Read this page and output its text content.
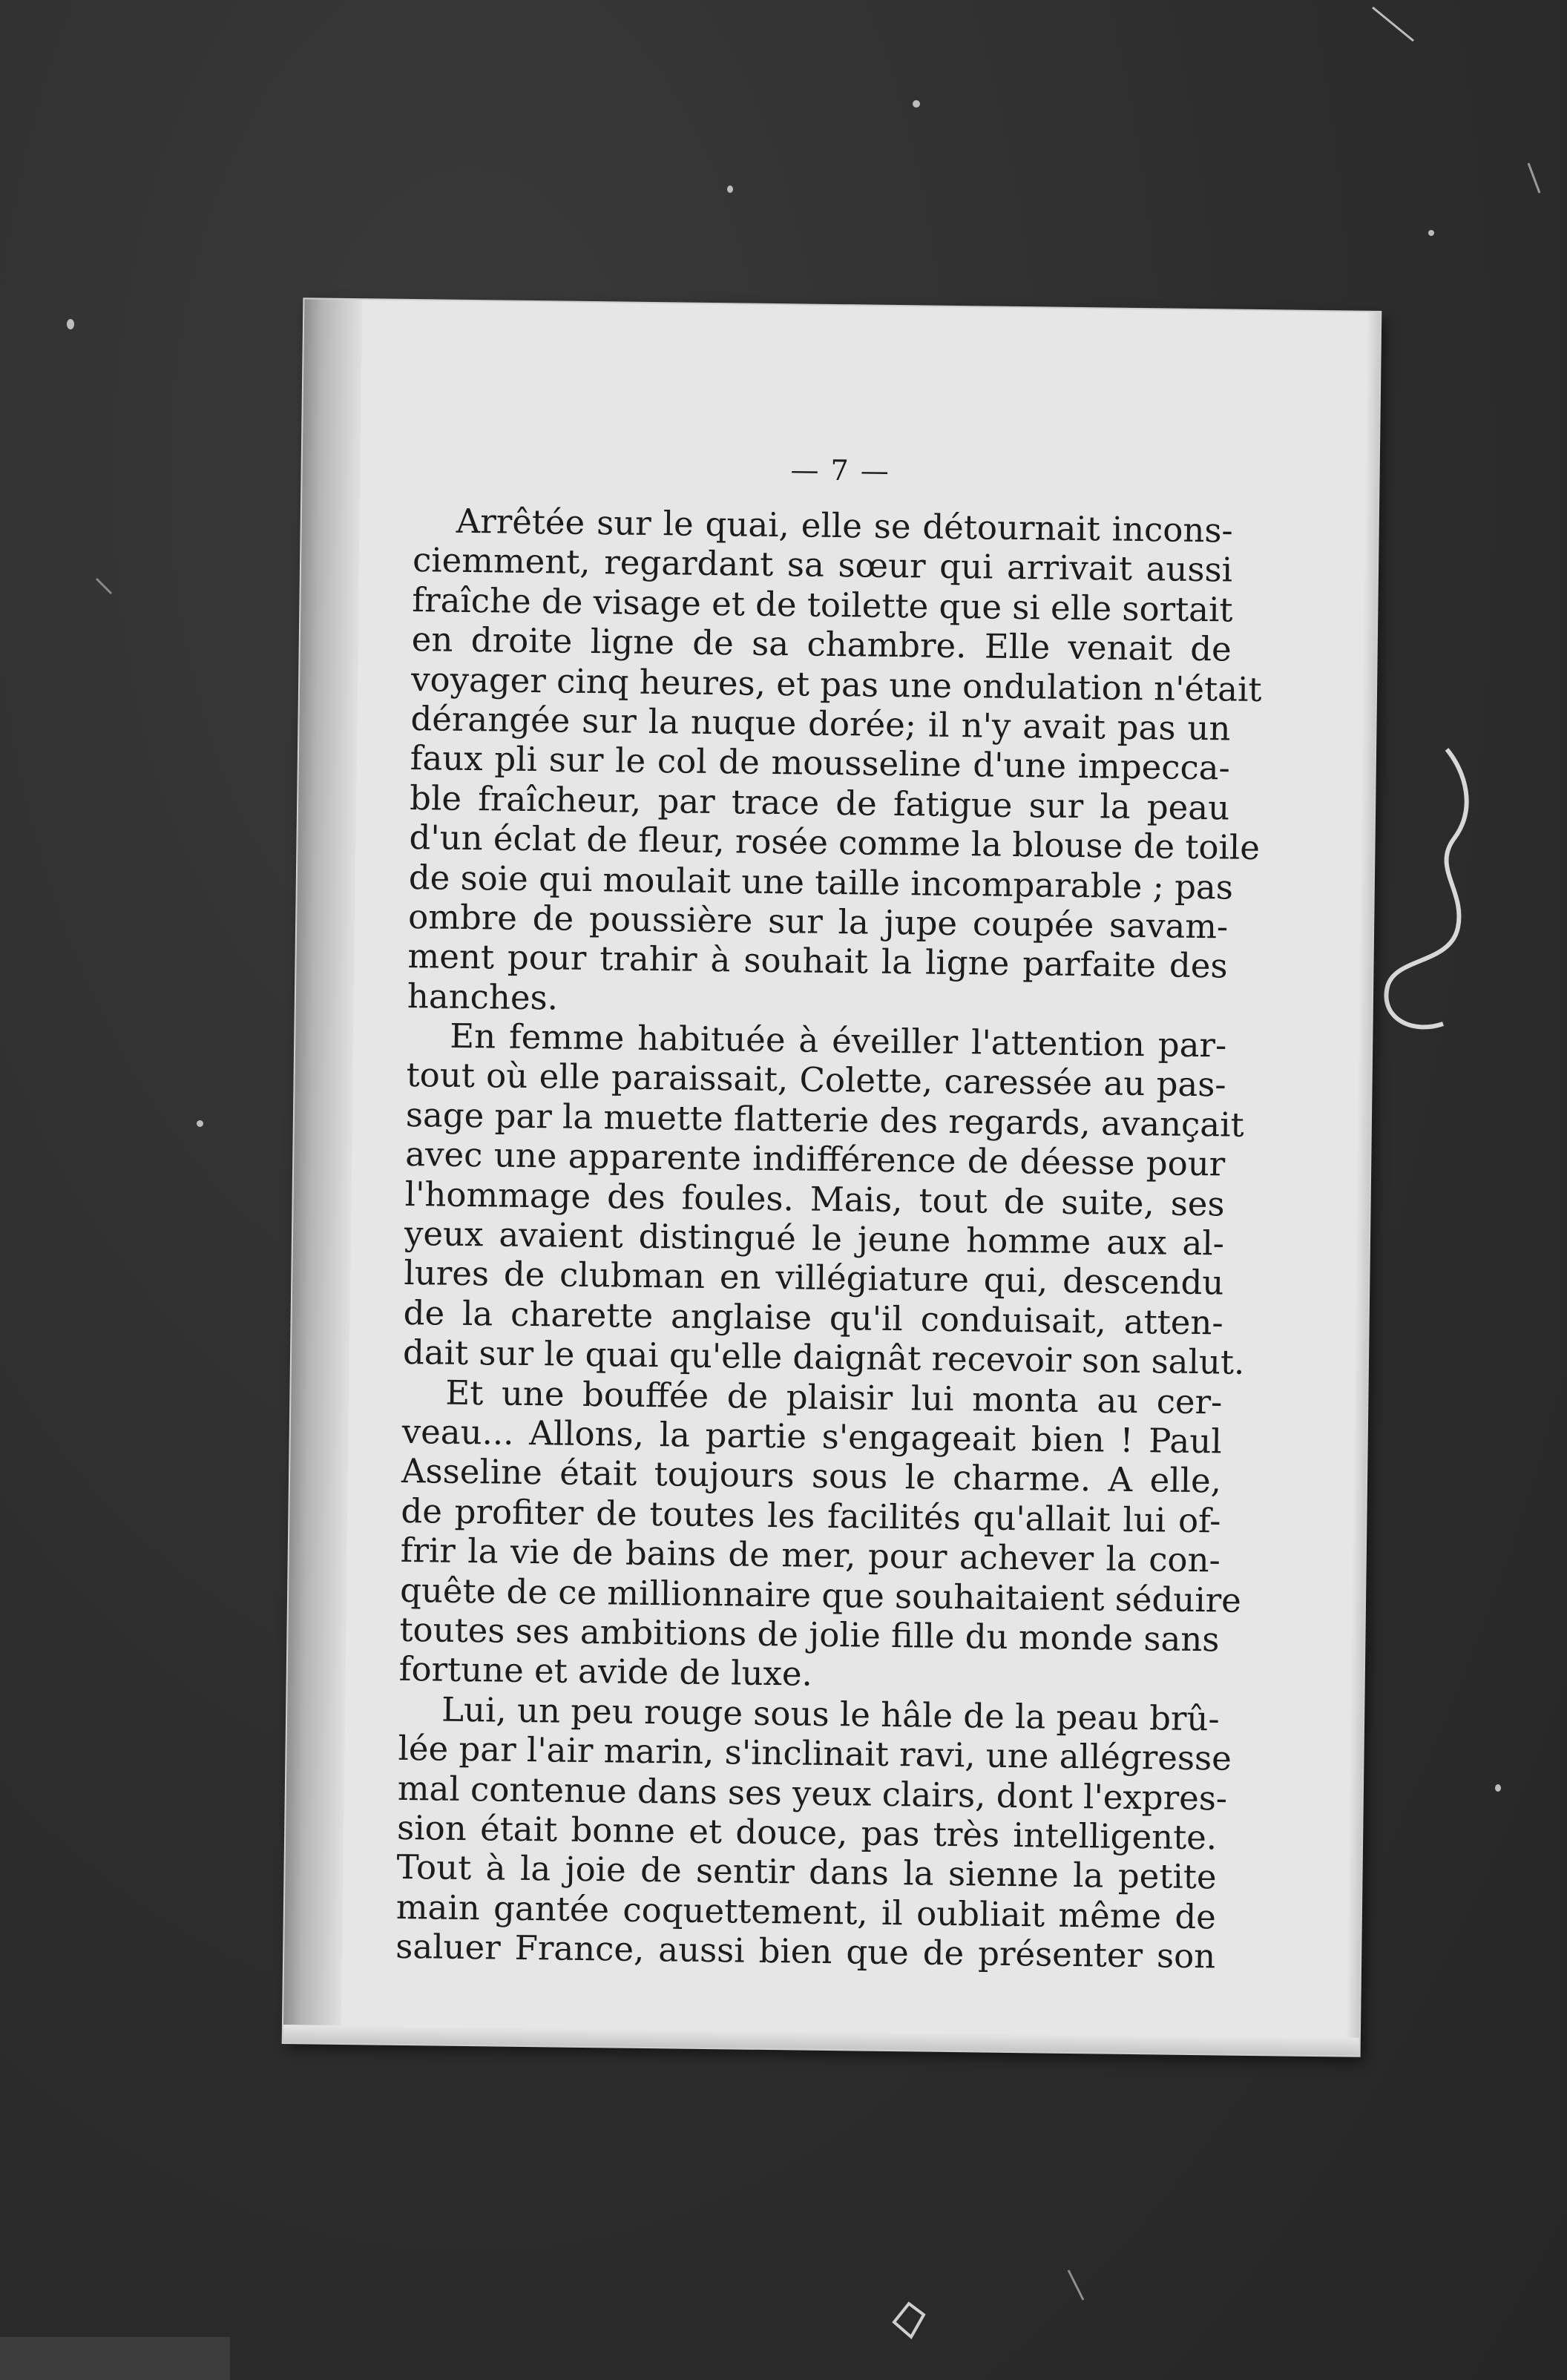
— 7 —
Arrêtée sur le quai, elle se détournait incons-
ciemment, regardant sa sœur qui arrivait aussi
fraîche de visage et de toilette que si elle sortait
en droite ligne de sa chambre. Elle venait de
voyager cinq heures, et pas une ondulation n'était
dérangée sur la nuque dorée; il n'y avait pas un
faux pli sur le col de mousseline d'une impecca-
ble fraîcheur, par trace de fatigue sur la peau
d'un éclat de fleur, rosée comme la blouse de toile
de soie qui moulait une taille incomparable ; pas
ombre de poussière sur la jupe coupée savam-
ment pour trahir à souhait la ligne parfaite des
hanches.
En femme habituée à éveiller l'attention par-
tout où elle paraissait, Colette, caressée au pas-
sage par la muette flatterie des regards, avançait
avec une apparente indifférence de déesse pour
l'hommage des foules. Mais, tout de suite, ses
yeux avaient distingué le jeune homme aux al-
lures de clubman en villégiature qui, descendu
de la charette anglaise qu'il conduisait, atten-
dait sur le quai qu'elle daignât recevoir son salut.
Et une bouffée de plaisir lui monta au cer-
veau... Allons, la partie s'engageait bien ! Paul
Asseline était toujours sous le charme. A elle,
de profiter de toutes les facilités qu'allait lui of-
frir la vie de bains de mer, pour achever la con-
quête de ce millionnaire que souhaitaient séduire
toutes ses ambitions de jolie fille du monde sans
fortune et avide de luxe.
Lui, un peu rouge sous le hâle de la peau brû-
lée par l'air marin, s'inclinait ravi, une allégresse
mal contenue dans ses yeux clairs, dont l'expres-
sion était bonne et douce, pas très intelligente.
Tout à la joie de sentir dans la sienne la petite
main gantée coquettement, il oubliait même de
saluer France, aussi bien que de présenter son
